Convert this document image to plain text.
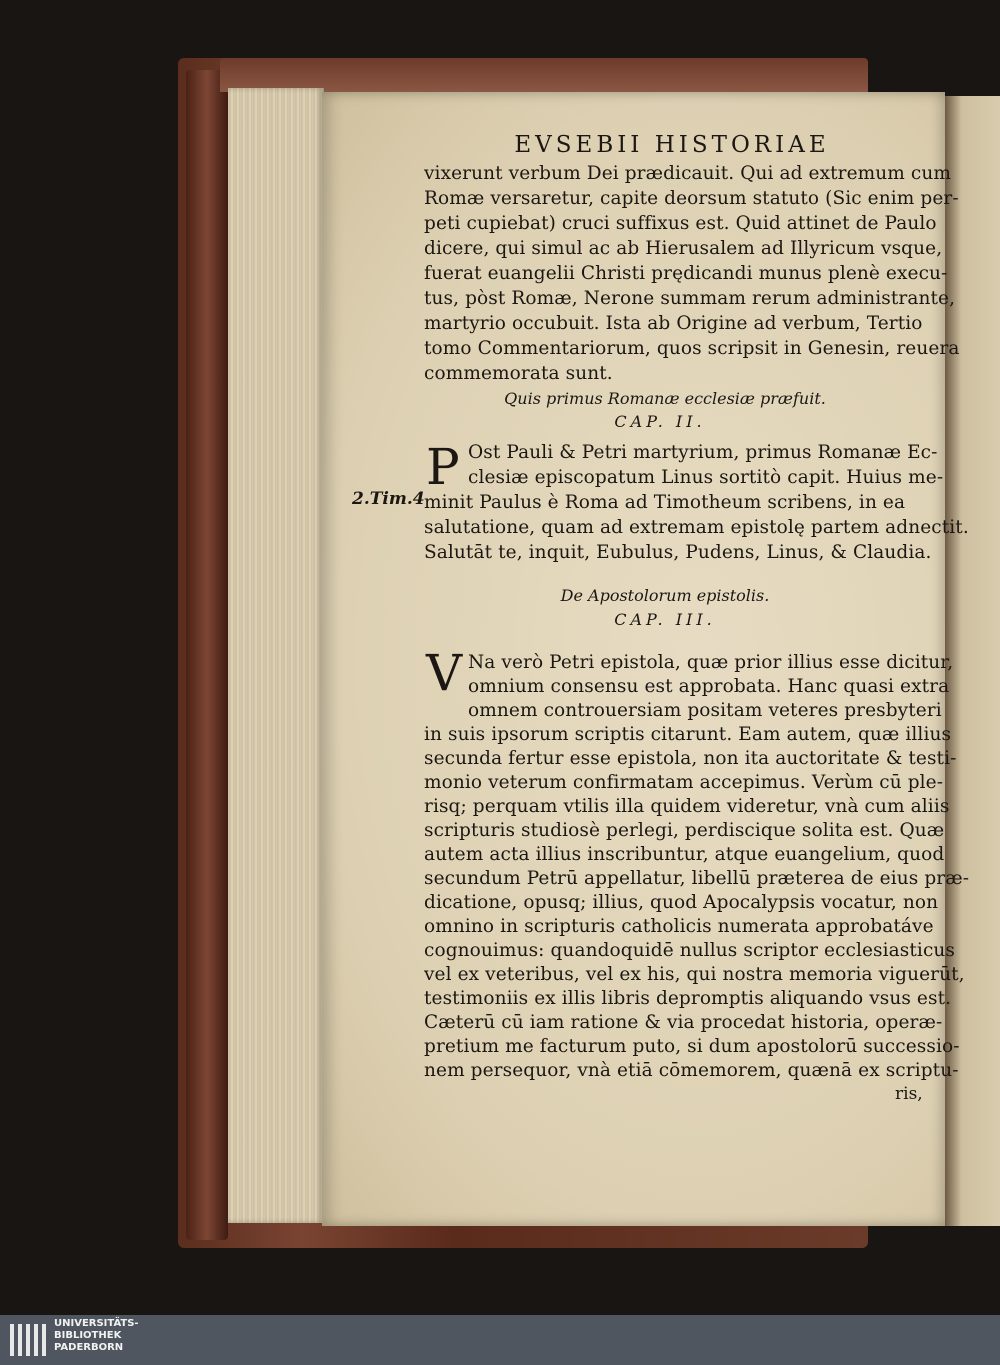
EVSEBII HISTORIAE
vixerunt verbum Dei prædicauit. Qui ad extremum cum
Romæ versaretur, capite deorsum statuto (Sic enim per-
peti cupiebat) cruci suffixus est. Quid attinet de Paulo
dicere, qui simul ac ab Hierusalem ad Illyricum vsque,
fuerat euangelii Christi prędicandi munus plenè execu-
tus, pòst Romæ, Nerone summam rerum administrante,
martyrio occubuit. Ista ab Origine ad verbum, Tertio
tomo Commentariorum, quos scripsit in Genesin, reuera
commemorata sunt.
Quis primus Romanæ ecclesiæ præfuit.
CAP. II.
P Ost Pauli & Petri martyrium, primus Romanæ Ec-
clesiæ episcopatum Linus sortitò capit. Huius me-
minit Paulus è Roma ad Timotheum scribens, in ea
salutatione, quam ad extremam epistolę partem adnectit.
Salutāt te, inquit, Eubulus, Pudens, Linus, & Claudia.
2.Tim.4
De Apostolorum epistolis.
CAP. III.
V Na verò Petri epistola, quæ prior illius esse dicitur,
omnium consensu est approbata. Hanc quasi extra
omnem controuersiam positam veteres presbyteri
in suis ipsorum scriptis citarunt. Eam autem, quæ illius
secunda fertur esse epistola, non ita auctoritate & testi-
monio veterum confirmatam accepimus. Verùm cū ple-
risq; perquam vtilis illa quidem videretur, vnà cum aliis
scripturis studiosè perlegi, perdiscique solita est. Quæ
autem acta illius inscribuntur, atque euangelium, quod
secundum Petrū appellatur, libellū præterea de eius præ-
dicatione, opusq; illius, quod Apocalypsis vocatur, non
omnino in scripturis catholicis numerata approbatáve
cognouimus: quandoquidē nullus scriptor ecclesiasticus
vel ex veteribus, vel ex his, qui nostra memoria viguerūt,
testimoniis ex illis libris depromptis aliquando vsus est.
Cæterū cū iam ratione & via procedat historia, operæ-
pretium me facturum puto, si dum apostolorū successio-
nem persequor, vnà etiā cōmemorem, quænā ex scriptu-
ris,
UNIVERSITÄTS-
BIBLIOTHEK
PADERBORN
